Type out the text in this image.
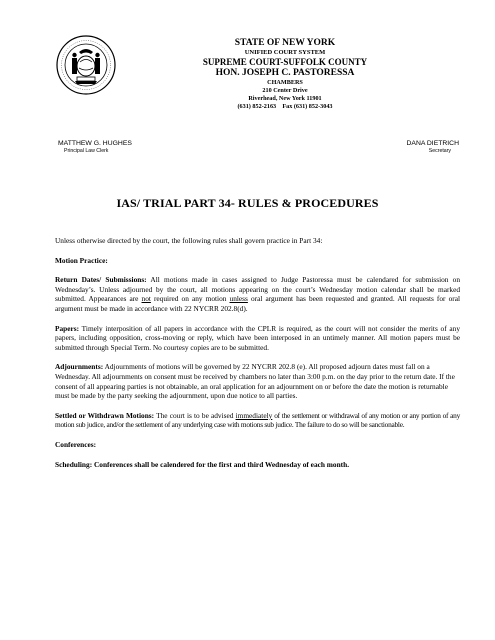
STATE OF NEW YORK
UNIFIED COURT SYSTEM
SUPREME COURT-SUFFOLK COUNTY
HON. JOSEPH C. PASTORESSA
CHAMBERS
210 Center Drive
Riverhead, New York 11901
(631) 852-2163    Fax (631) 852-3043
MATTHEW G. HUGHES
Principal Law Clerk
DANA DIETRICH
Secretary
IAS/ TRIAL PART 34- RULES & PROCEDURES

Unless otherwise directed by the court, the following rules shall govern practice in Part 34:

Motion Practice:

Return Dates/ Submissions: All motions made in cases assigned to Judge Pastoressa must be calendared for submission on Wednesday’s. Unless adjourned by the court, all motions appearing on the court’s Wednesday motion calendar shall be marked submitted. Appearances are not required on any motion unless oral argument has been requested and granted. All requests for oral argument must be made in accordance with 22 NYCRR 202.8(d).

Papers: Timely interposition of all papers in accordance with the CPLR is required, as the court will not consider the merits of any papers, including opposition, cross-moving or reply, which have been interposed in an untimely manner. All motion papers must be submitted through Special Term. No courtesy copies are to be submitted.

Adjournments: Adjournments of motions will be governed by 22 NYCRR 202.8 (e). All proposed adjourn dates must fall on a Wednesday. All adjournments on consent must be received by chambers no later than 3:00 p.m. on the day prior to the return date. If the consent of all appearing parties is not obtainable, an oral application for an adjournment on or before the date the motion is returnable must be made by the party seeking the adjournment, upon due notice to all parties.

Settled or Withdrawn Motions: The court is to be advised immediately of the settlement or withdrawal of any motion or any portion of any motion sub judice, and/or the settlement of any underlying case with motions sub judice. The failure to do so will be sanctionable.

Conferences:

Scheduling: Conferences shall be calendered for the first and third Wednesday of each month.
